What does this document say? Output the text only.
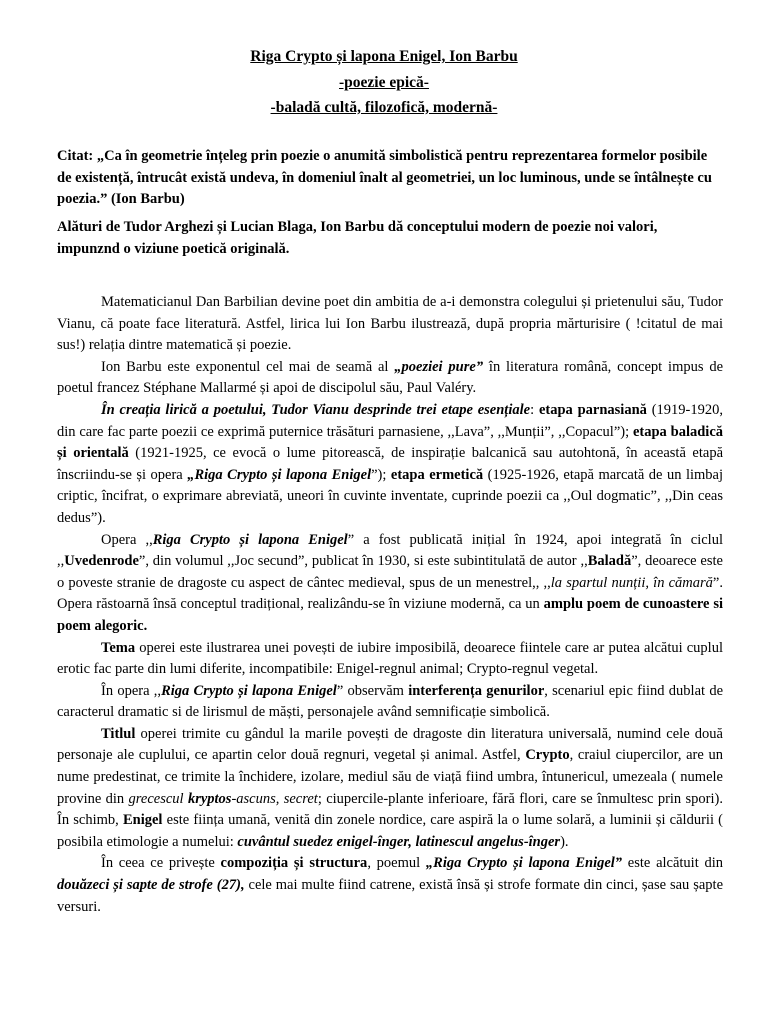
Riga Crypto și lapona Enigel, Ion Barbu
-poezie epică-
-baladă cultă, filozofică, modernă-
Citat: „Ca în geometrie înțeleg prin poezie o anumită simbolistică pentru reprezentarea formelor posibile de existență, întrucât există undeva, în domeniul înalt al geometriei, un loc luminous, unde se întâlnește cu poezia.” (Ion Barbu)
Alături de Tudor Arghezi și Lucian Blaga, Ion Barbu dă conceptului modern de poezie noi valori, impunznd o viziune poetică originală.

Matematicianul Dan Barbilian devine poet din ambitia de a-i demonstra colegului și prietenului său, Tudor Vianu, că poate face literatură. Astfel, lirica lui Ion Barbu ilustrează, după propria mărturisire ( !citatul de mai sus!) relația dintre matematică și poezie.

Ion Barbu este exponentul cel mai de seamă al „poeziei pure” în literatura română, concept impus de poetul francez Stéphane Mallarmé și apoi de discipolul său, Paul Valéry.

În creația lirică a poetului, Tudor Vianu desprinde trei etape esențiale: etapa parnasiană (1919-1920, din care fac parte poezii ce exprimă puternice trăsături parnasiene, ,,Lava”, ,,Munții”, ,,Copacul”); etapa baladică și orientală (1921-1925, ce evocă o lume pitorească, de inspirație balcanică sau autohtonă, în această etapă înscriindu-se și opera „Riga Crypto și lapona Enigel”); etapa ermetică (1925-1926, etapă marcată de un limbaj criptic, încifrat, o exprimare abreviată, uneori în cuvinte inventate, cuprinde poezii ca ,,Oul dogmatic”, ,,Din ceas dedus”).

Opera ,,Riga Crypto și lapona Enigel” a fost publicată inițial în 1924, apoi integrată în ciclul ,,Uvedenrode”, din volumul ,,Joc secund”, publicat în 1930, si este subintitulată de autor ,,Baladă”, deoarece este o poveste stranie de dragoste cu aspect de cântec medieval, spus de un menestrel,, ,,la spartul nunții, în cămară”. Opera răstoarnă însă conceptul tradițional, realizându-se în viziune modernă, ca un amplu poem de cunoastere si poem alegoric.

Tema operei este ilustrarea unei povești de iubire imposibilă, deoarece fiintele care ar putea alcătui cuplul erotic fac parte din lumi diferite, incompatibile: Enigel-regnul animal; Crypto-regnul vegetal.

În opera ,,Riga Crypto și lapona Enigel” observăm interferența genurilor, scenariul epic fiind dublat de caracterul dramatic si de lirismul de măști, personajele având semnificație simbolică.

Titlul operei trimite cu gândul la marile povești de dragoste din literatura universală, numind cele două personaje ale cuplului, ce apartin celor două regnuri, vegetal și animal. Astfel, Crypto, craiul ciupercilor, are un nume predestinat, ce trimite la închidere, izolare, mediul său de viață fiind umbra, întunericul, umezeala ( numele provine din grecescul kryptos-ascuns, secret; ciupercile-plante inferioare, fără flori, care se înmultesc prin spori). În schimb, Enigel este ființa umană, venită din zonele nordice, care aspiră la o lume solară, a luminii și căldurii ( posibila etimologie a numelui: cuvântul suedez enigel-înger, latinescul angelus-înger).

În ceea ce privește compoziția și structura, poemul „Riga Crypto și lapona Enigel” este alcătuit din douăzeci și sapte de strofe (27), cele mai multe fiind catrene, există însă și strofe formate din cinci, șase sau șapte versuri.
